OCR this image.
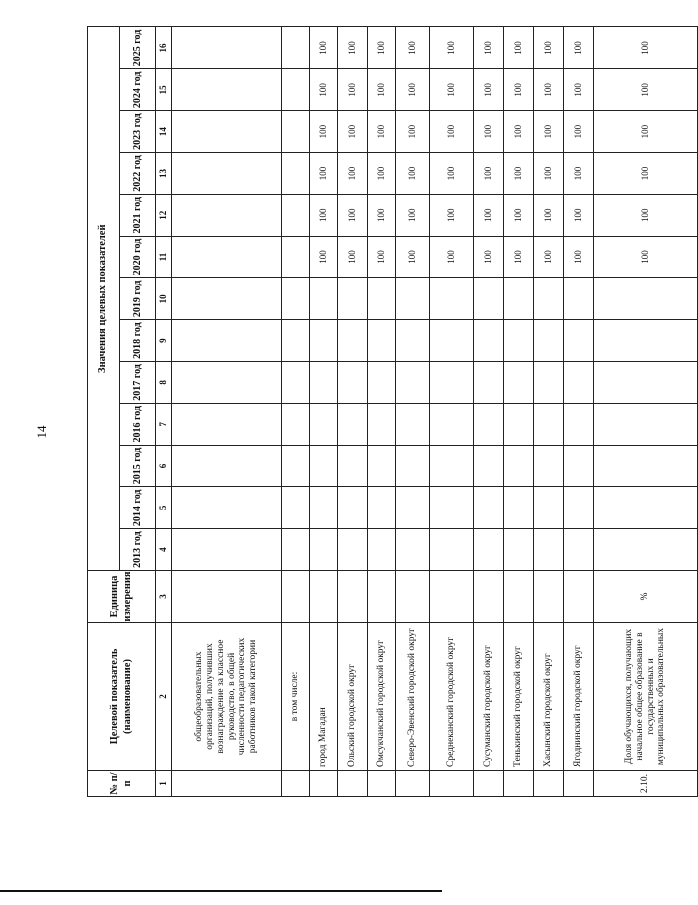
14
№ п/п	Целевой показатель (наименование)	Единица измерения	Значения целевых показателей												
			2013 год	2014 год	2015 год	2016 год	2017 год	2018 год	2019 год	2020 год	2021 год	2022 год	2023 год	2024 год	2025 год
1	2	3	4	5	6	7	8	9	10	11	12	13	14	15	16
	общеобразовательных организаций, получивших вознаграждение за классное руководство, в общей численности педагогических работников такой категории														
	в том числе:														
	город Магадан									100	100	100	100	100	100
	Ольский городской округ									100	100	100	100	100	100
	Омсукчанский городской округ									100	100	100	100	100	100
	Северо-Эвенский городской округ									100	100	100	100	100	100
	Среднеканский городской округ									100	100	100	100	100	100
	Сусуманский городской округ									100	100	100	100	100	100
	Тенькинский городской округ									100	100	100	100	100	100
	Хасынский городской округ									100	100	100	100	100	100
	Ягоднинский городской округ									100	100	100	100	100	100
2.10.	Доля обучающихся, получающих начальное общее образование в государственных и муниципальных образовательных	%								100	100	100	100	100	100
